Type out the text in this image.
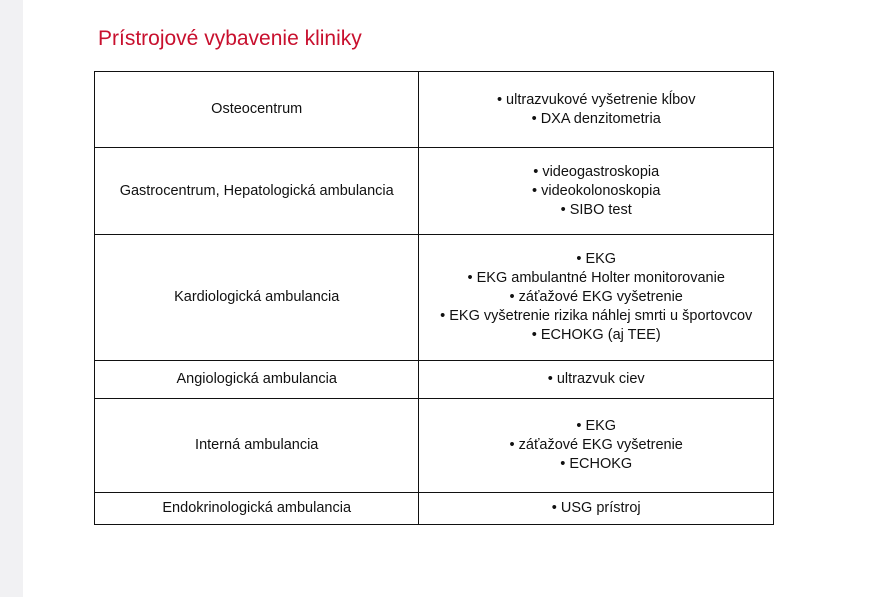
Prístrojové vybavenie kliniky
Osteocentrum	• ultrazvukové vyšetrenie kĺbov
• DXA denzitometria

Gastrocentrum, Hepatologická ambulancia	• videogastroskopia
• videokolonoskopia
• SIBO test

Kardiologická ambulancia	• EKG
• EKG ambulantné Holter monitorovanie
• záťažové EKG vyšetrenie
• EKG vyšetrenie rizika náhlej smrti u športovcov
• ECHOKG (aj TEE)

Angiologická ambulancia	• ultrazvuk ciev

Interná ambulancia	• EKG
• záťažové EKG vyšetrenie
• ECHOKG

Endokrinologická ambulancia	• USG prístroj
